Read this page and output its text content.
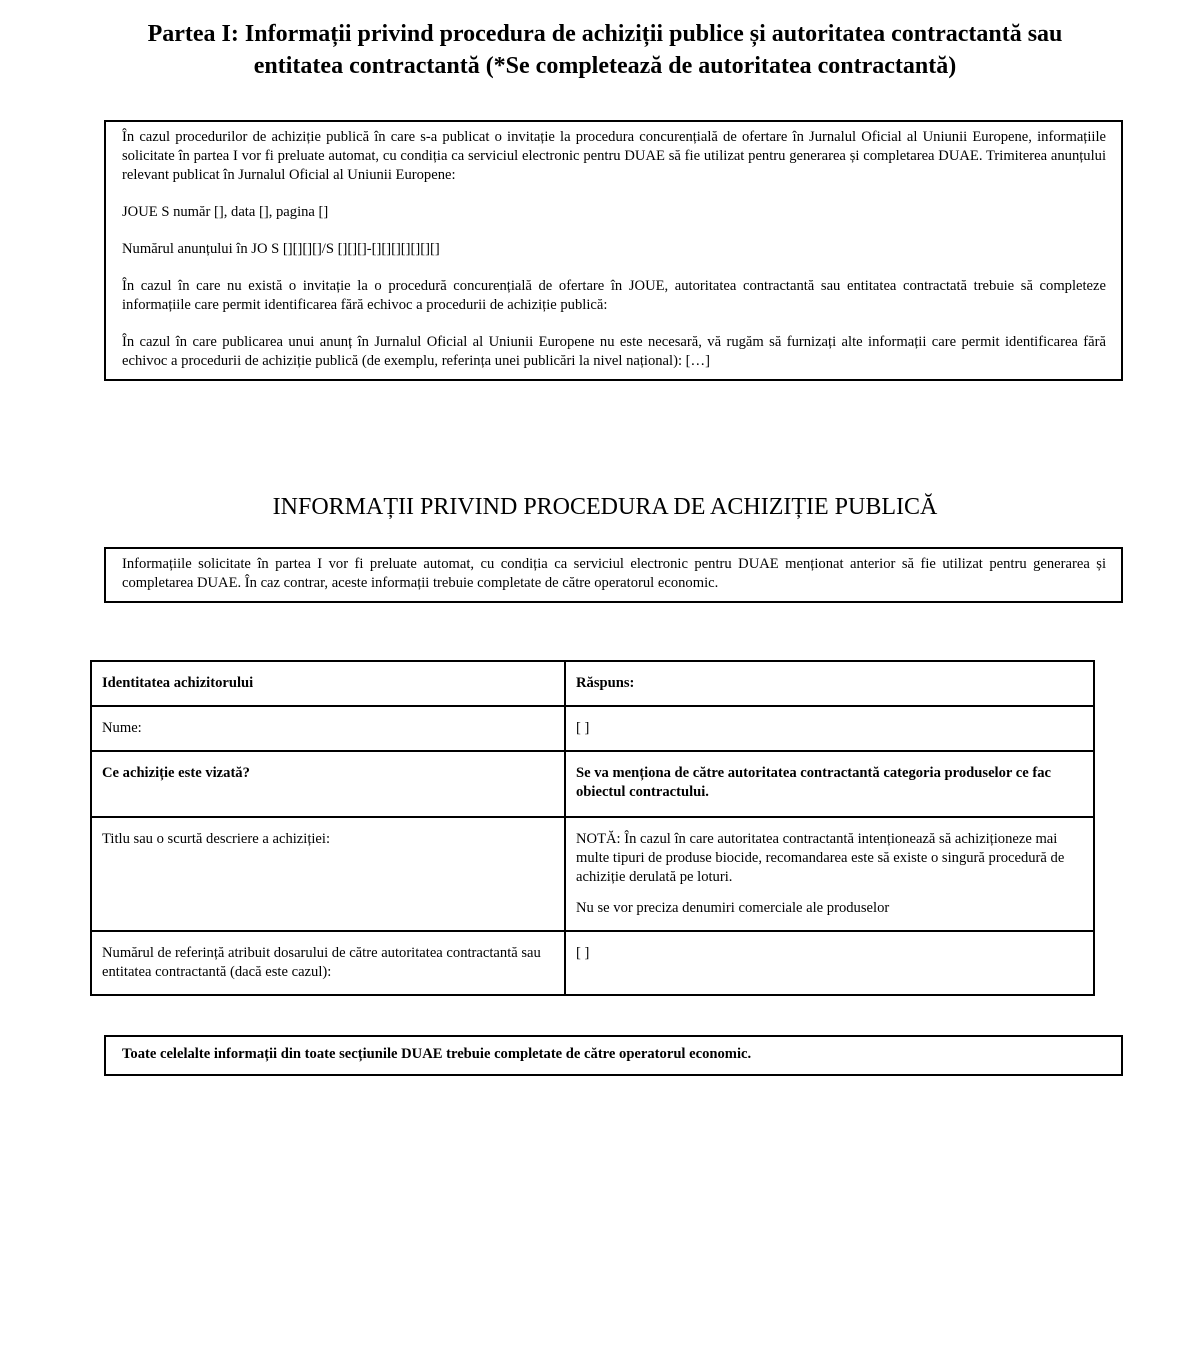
Partea I: Informații privind procedura de achiziții publice și autoritatea contractantă sau entitatea contractantă (*Se completează de autoritatea contractantă)

În cazul procedurilor de achiziție publică în care s-a publicat o invitație la procedura concurențială de ofertare în Jurnalul Oficial al Uniunii Europene, informațiile solicitate în partea I vor fi preluate automat, cu condiția ca serviciul electronic pentru DUAE să fie utilizat pentru generarea și completarea DUAE. Trimiterea anunțului relevant publicat în Jurnalul Oficial al Uniunii Europene:

JOUE S număr [], data [], pagina []

Numărul anunțului în JO S [][][][]/S [][][]-[][][][][][][]

În cazul în care nu există o invitație la o procedură concurențială de ofertare în JOUE, autoritatea contractantă sau entitatea contractată trebuie să completeze informațiile care permit identificarea fără echivoc a procedurii de achiziție publică:

În cazul în care publicarea unui anunț în Jurnalul Oficial al Uniunii Europene nu este necesară, vă rugăm să furnizați alte informații care permit identificarea fără echivoc a procedurii de achiziție publică (de exemplu, referința unei publicări la nivel național): […]

INFORMAȚII PRIVIND PROCEDURA DE ACHIZIȚIE PUBLICĂ

Informațiile solicitate în partea I vor fi preluate automat, cu condiția ca serviciul electronic pentru DUAE menționat anterior să fie utilizat pentru generarea și completarea DUAE. În caz contrar, aceste informații trebuie completate de către operatorul economic.

Identitatea achizitorului	Răspuns:
Nume:	[ ]
Ce achiziție este vizată?	Se va menționa de către autoritatea contractantă categoria produselor ce fac obiectul contractului.
Titlu sau o scurtă descriere a achiziției:	NOTĂ: În cazul în care autoritatea contractantă intenționează să achiziționeze mai multe tipuri de produse biocide, recomandarea este să existe o singură procedură de achiziție derulată pe loturi.

Nu se vor preciza denumiri comerciale ale produselor

Numărul de referință atribuit dosarului de către autoritatea contractantă sau entitatea contractantă (dacă este cazul):	[ ]

Toate celelalte informații din toate secțiunile DUAE trebuie completate de către operatorul economic.
